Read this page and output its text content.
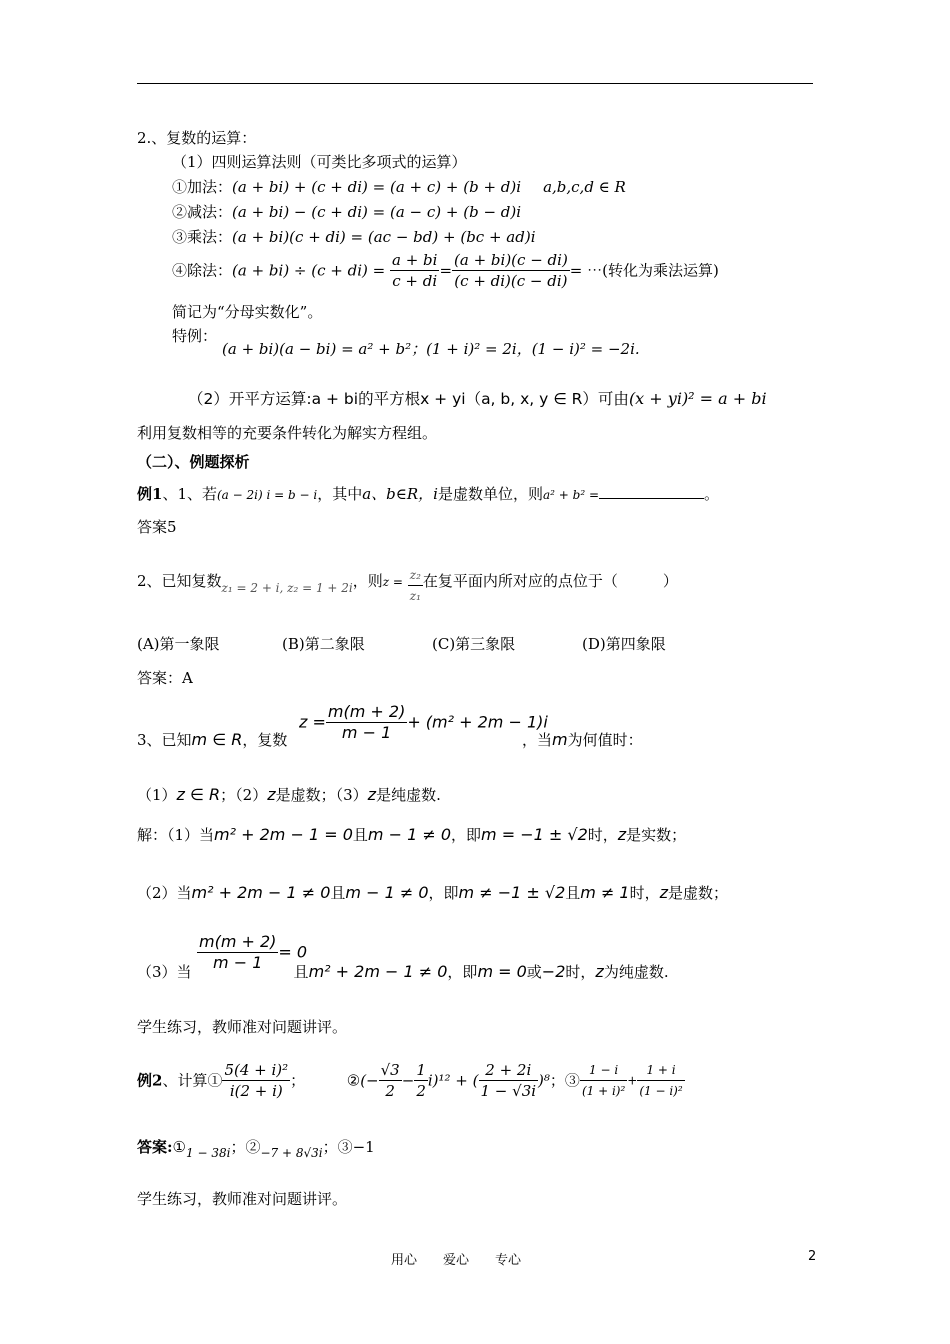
2.、复数的运算：
（1）四则运算法则（可类比多项式的运算）
①加法：(a + bi) + (c + di) = (a + c) + (b + d)i a,b,c,d ∈ R
②减法：(a + bi) − (c + di) = (a − c) + (b − d)i
③乘法：(a + bi)(c + di) = (ac − bd) + (bc + ad)i
④除法：$(a + bi) \div (c + di) = \frac{a + bi}{c + di} = \frac{(a + bi)(c - di)}{(c + di)(c - di)}$ = ⋯(转化为乘法运算)
简记为“分母实数化”。
特例：
(a + bi)(a − bi) = a² + b²；(1 + i)² = 2i，(1 − i)² = −2i.
（2）开平方运算:a + bi的平方根x + yi（a, b, x, y ∈ R）可由(x + yi)² = a + bi
利用复数相等的充要条件转化为解实方程组。
（二）、例题探析
例1、1、若(a − 2i) i = b − i，其中a、b∈R，i是虚数单位，则a² + b² =	。
答案5
2、已知复数$_{z_1 = 2 + i, z_2 = 1 + 2i}$，则$z = \frac{\text{z₂}}{\text{z₁}}$ 在复平面内所对应的点位于（　　　）
(A)第一象限	(B)第二象限	(C)第三象限	(D)第四象限
答案：A
3、已知m ∈ R，复数
$z = \frac{m(m + 2)}{m - 1} + (m^2 + 2m - 1)i$
，当m为何值时：
（1）z ∈ R；（2）z是虚数；（3）z是纯虚数.
解：（1）当m² + 2m − 1 = 0且m − 1 ≠ 0，即m = −1 ± √2时，z是实数；
（2）当m² + 2m − 1 ≠ 0且m − 1 ≠ 0，即m ≠ −1 ± √2且m ≠ 1时，z是虚数；
$\frac{m(m + 2)}{m - 1} = 0$
（3）当	且m² + 2m − 1 ≠ 0，即m = 0或−2时，z为纯虚数.
学生练习，教师准对问题讲评。
例2、计算① $\frac{\text{5(4 + i)²}}{i(2 + i)}$ ；	②(− $\frac{√3}{2} - \frac{1}{2} i)^{12}$ + ( $\frac{2 + 2i}{1 - √3i} )^8$；③ $\frac{1 - i}{\text{(1 + i)²}} + \frac{1 + i}{\text{(1 − i)²}}$
答案$:①_{1 - 38i}$；$②_{-7 + 8√3i}$；③−1
学生练习，教师准对问题讲评。
用心　　爱心　　专心	2
